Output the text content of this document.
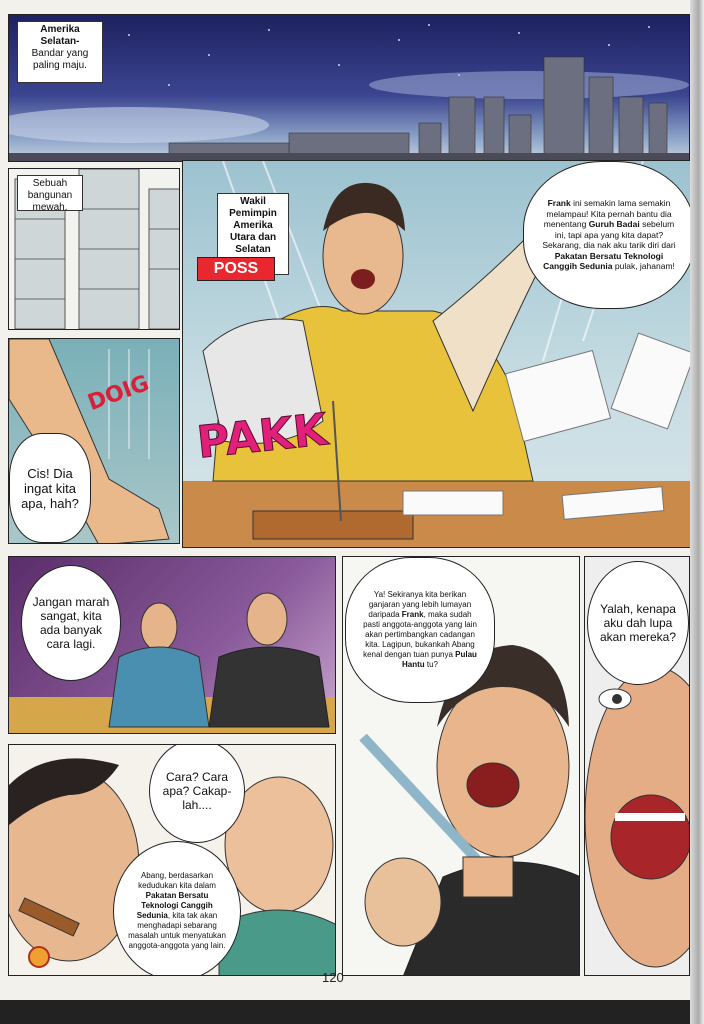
Amerika Selatan-
Bandar yang paling maju.
Sebuah bangunan mewah.
DOIG
Cis! Dia ingat kita apa, hah?
Wakil Pemimpin Amerika Utara dan Selatan
POSS
PAKK
Frank ini semakin lama semakin melampau! Kita pernah bantu dia menentang Guruh Badai sebelum ini, tapi apa yang kita dapat? Sekarang, dia nak aku tarik diri dari Pakatan Bersatu Teknologi Canggih Sedunia pulak, jahanam!
Jangan marah sangat, kita ada banyak cara lagi.
Cara? Cara apa? Cakap-lah....
Abang, berdasarkan kedudukan kita dalam Pakatan Bersatu Teknologi Canggih Sedunia, kita tak akan menghadapi sebarang masalah untuk menyatukan anggota-anggota yang lain.
Ya! Sekiranya kita berikan ganjaran yang lebih lumayan daripada Frank, maka sudah pasti anggota-anggota yang lain akan pertimbangkan cadangan kita. Lagipun, bukankah Abang kenal dengan tuan punya Pulau Hantu tu?
Yalah, kenapa aku dah lupa akan mereka?
120
